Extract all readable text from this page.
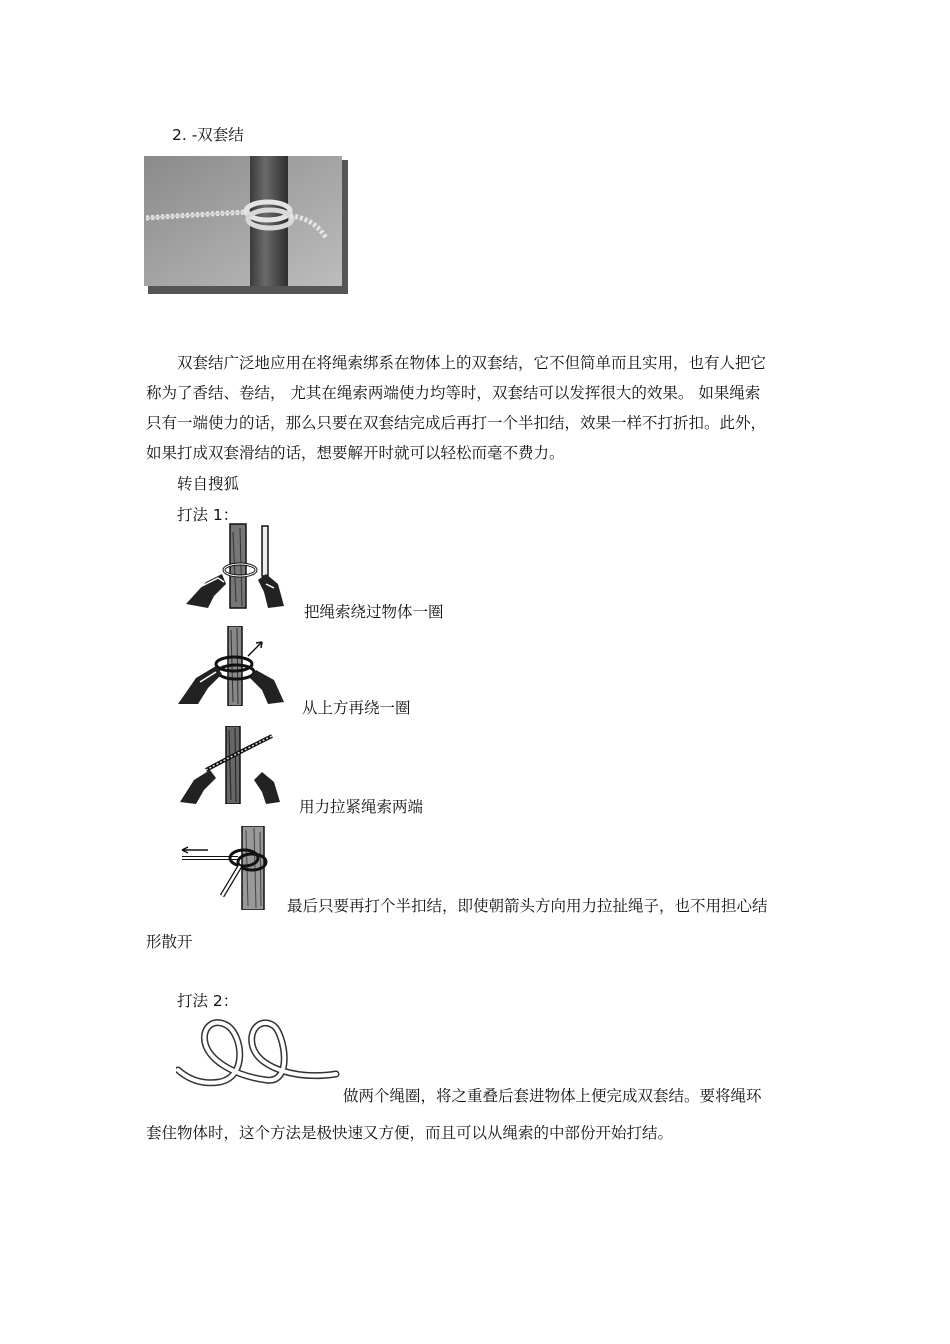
2. -双套结
双套结广泛地应用在将绳索绑系在物体上的双套结，它不但简单而且实用，也有人把它
称为了香结、卷结， 尤其在绳索两端使力均等时，双套结可以发挥很大的效果。 如果绳索
只有一端使力的话，那么只要在双套结完成后再打一个半扣结，效果一样不打折扣。此外，
如果打成双套滑结的话，想要解开时就可以轻松而毫不费力。
转自搜狐
打法 1：
把绳索绕过物体一圈
从上方再绕一圈
用力拉紧绳索两端
最后只要再打个半扣结，即使朝箭头方向用力拉扯绳子，也不用担心结
形散开
打法 2：
做两个绳圈，将之重叠后套进物体上便完成双套结。要将绳环
套住物体时，这个方法是极快速又方便，而且可以从绳索的中部份开始打结。
